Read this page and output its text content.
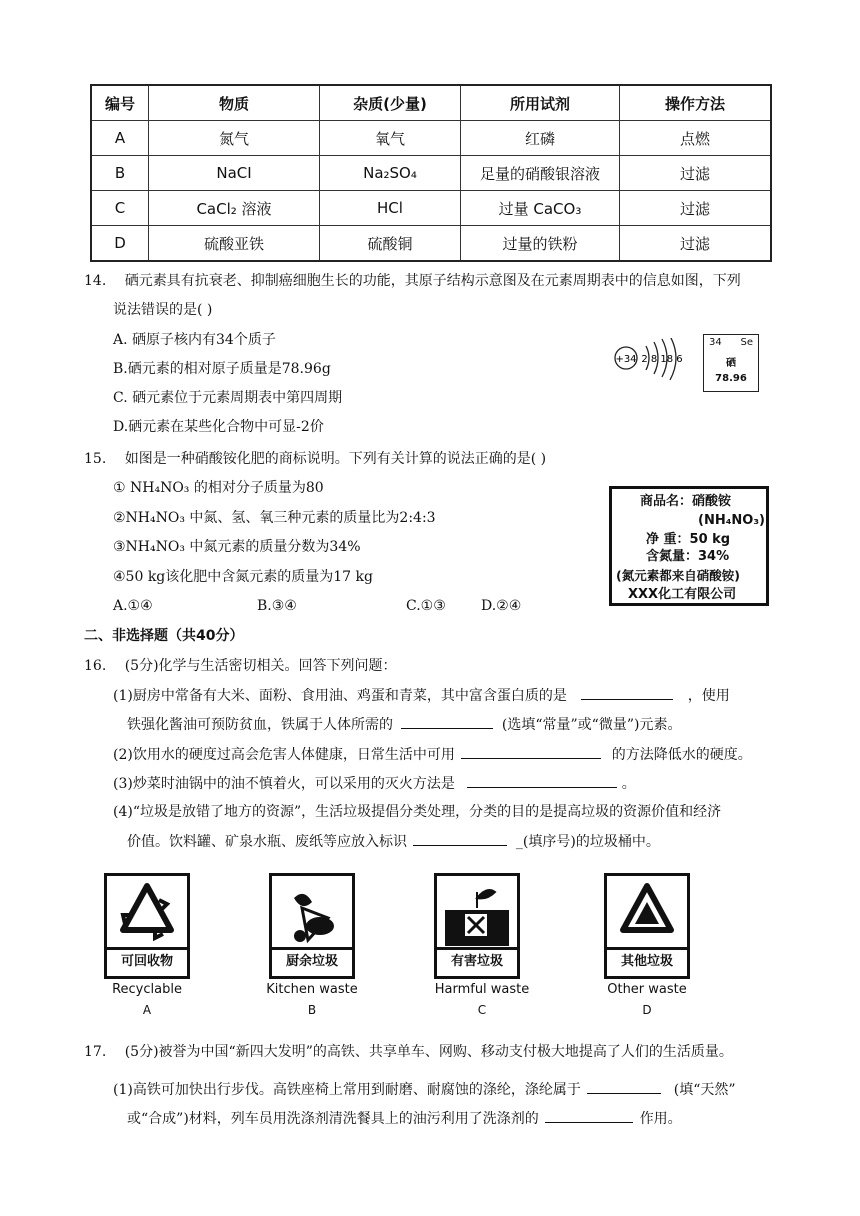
编号	物质	杂质(少量)	所用试剂	操作方法
A	氮气	氧气	红磷	点燃
B	NaCI	Na₂SO₄	足量的硝酸银溶液	过滤
C	CaCl₂ 溶液	HCl	过量 CaCO₃	过滤
D	硫酸亚铁	硫酸铜	过量的铁粉	过滤
14. 硒元素具有抗衰老、抑制癌细胞生长的功能，其原子结构示意图及在元素周期表中的信息如图，下列
说法错误的是( )
A. 硒原子核内有34个质子
B.硒元素的相对原子质量是78.96g
C. 硒元素位于元素周期表中第四周期
D.硒元素在某些化合物中可显-2价
+34 2 8 18 6
34 Se
硒
78.96
15. 如图是一种硝酸铵化肥的商标说明。下列有关计算的说法正确的是( )
① NH₄NO₃ 的相对分子质量为80
②NH₄NO₃ 中氮、氢、氧三种元素的质量比为2:4:3
③NH₄NO₃ 中氮元素的质量分数为34%
④50 kg该化肥中含氮元素的质量为17 kg
A.①④	B.③④	C.①③	D.②④
商品名：硝酸铵
(NH₄NO₃)
净 重：50 kg
含氮量：34%
(氮元素都来自硝酸铵)
XXX化工有限公司
二、非选择题（共40分）
16. (5分)化学与生活密切相关。回答下列问题：
(1)厨房中常备有大米、面粉、食用油、鸡蛋和青菜，其中富含蛋白质的是	，使用
铁强化酱油可预防贫血，铁属于人体所需的	(选填“常量”或“微量”)元素。
(2)饮用水的硬度过高会危害人体健康，日常生活中可用	的方法降低水的硬度。
(3)炒菜时油锅中的油不慎着火，可以采用的灭火方法是	。
(4)“垃圾是放错了地方的资源”，生活垃圾提倡分类处理，分类的目的是提高垃圾的资源价值和经济
价值。饮料罐、矿泉水瓶、废纸等应放入标识	_(填序号)的垃圾桶中。
可回收物	厨余垃圾	有害垃圾	其他垃圾
Recyclable	Kitchen waste	Harmful waste	Other waste
A	B	C	D
17. (5分)被誉为中国“新四大发明”的高铁、共享单车、网购、移动支付极大地提高了人们的生活质量。
(1)高铁可加快出行步伐。高铁座椅上常用到耐磨、耐腐蚀的涤纶，涤纶属于	(填“天然”
或“合成”)材料，列车员用洗涤剂清洗餐具上的油污利用了洗涤剂的	作用。
